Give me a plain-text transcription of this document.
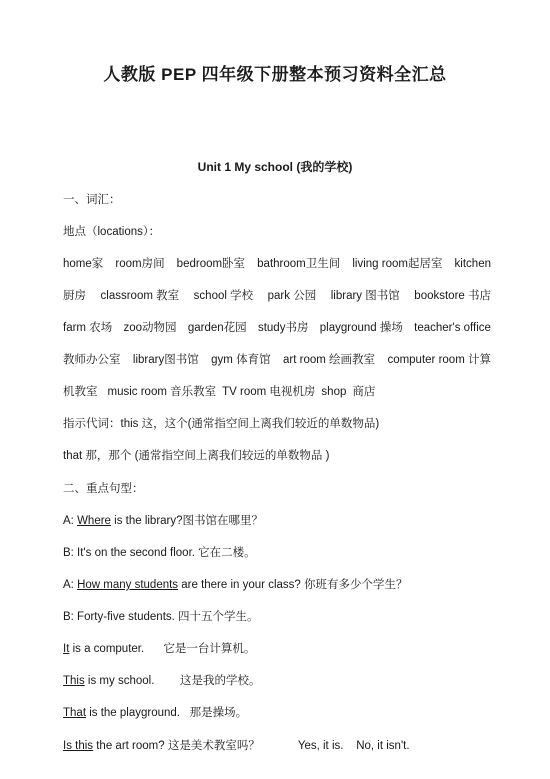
人教版 PEP 四年级下册整本预习资料全汇总
Unit 1 My school (我的学校)
一、词汇：
地点（locations）：
home家 room房间 bedroom卧室 bathroom卫生间 living room起居室 kitchen
厨房 classroom 教室 school 学校 park 公园 library 图书馆 bookstore 书店
farm 农场 zoo动物园 garden花园 study书房 playground 操场 teacher's office
教师办公室 library图书馆 gym 体育馆 art room 绘画教室 computer room 计算
机教室 music room 音乐教室 TV room 电视机房 shop 商店
指示代词：this 这，这个(通常指空间上离我们较近的单数物品)
that 那，那个 (通常指空间上离我们较远的单数物品 )
二、重点句型：
A: Where is the library?图书馆在哪里？
B: It's on the second floor. 它在二楼。
A: How many students are there in your class? 你班有多少个学生？
B: Forty-five students. 四十五个学生。
It is a computer.      它是一台计算机。
This is my school.        这是我的学校。
That is the playground.   那是操场。
Is this the art room? 这是美术教室吗？	Yes, it is.    No, it isn't.
